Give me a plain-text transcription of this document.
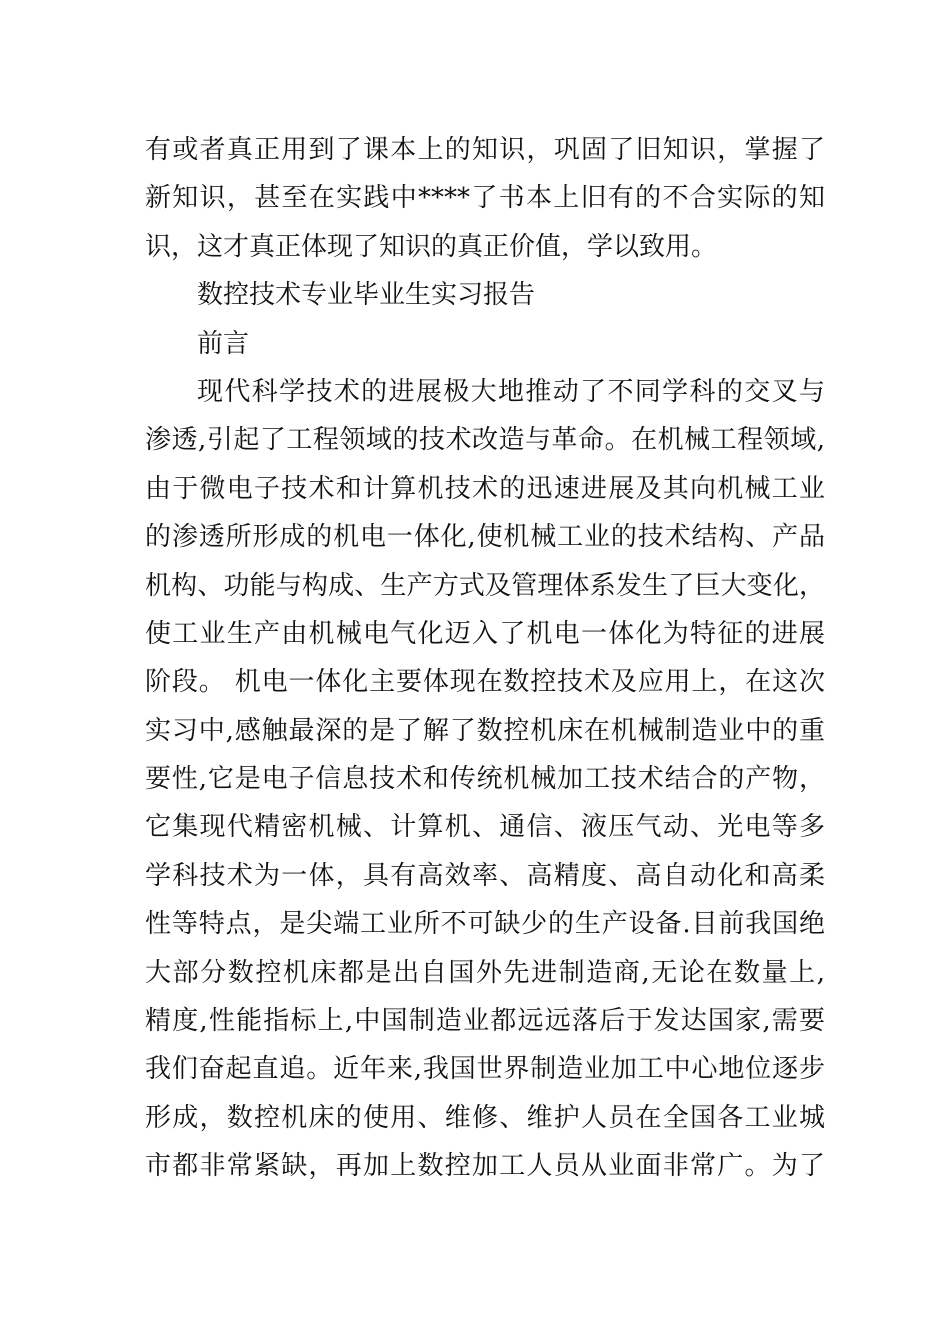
有或者真正用到了课本上的知识，巩固了旧知识，掌握了
新知识，甚至在实践中****了书本上旧有的不合实际的知
识，这才真正体现了知识的真正价值，学以致用。
数控技术专业毕业生实习报告
前言
现代科学技术的进展极大地推动了不同学科的交叉与
渗透,引起了工程领域的技术改造与革命。在机械工程领域,
由于微电子技术和计算机技术的迅速进展及其向机械工业
的渗透所形成的机电一体化,使机械工业的技术结构、产品
机构、功能与构成、生产方式及管理体系发生了巨大变化，
使工业生产由机械电气化迈入了机电一体化为特征的进展
阶段。 机电一体化主要体现在数控技术及应用上，在这次
实习中,感触最深的是了解了数控机床在机械制造业中的重
要性,它是电子信息技术和传统机械加工技术结合的产物，
它集现代精密机械、计算机、通信、液压气动、光电等多
学科技术为一体，具有高效率、高精度、高自动化和高柔
性等特点，是尖端工业所不可缺少的生产设备.目前我国绝
大部分数控机床都是出自国外先进制造商,无论在数量上,
精度,性能指标上,中国制造业都远远落后于发达国家,需要
我们奋起直追。近年来,我国世界制造业加工中心地位逐步
形成，数控机床的使用、维修、维护人员在全国各工业城
市都非常紧缺，再加上数控加工人员从业面非常广。为了
